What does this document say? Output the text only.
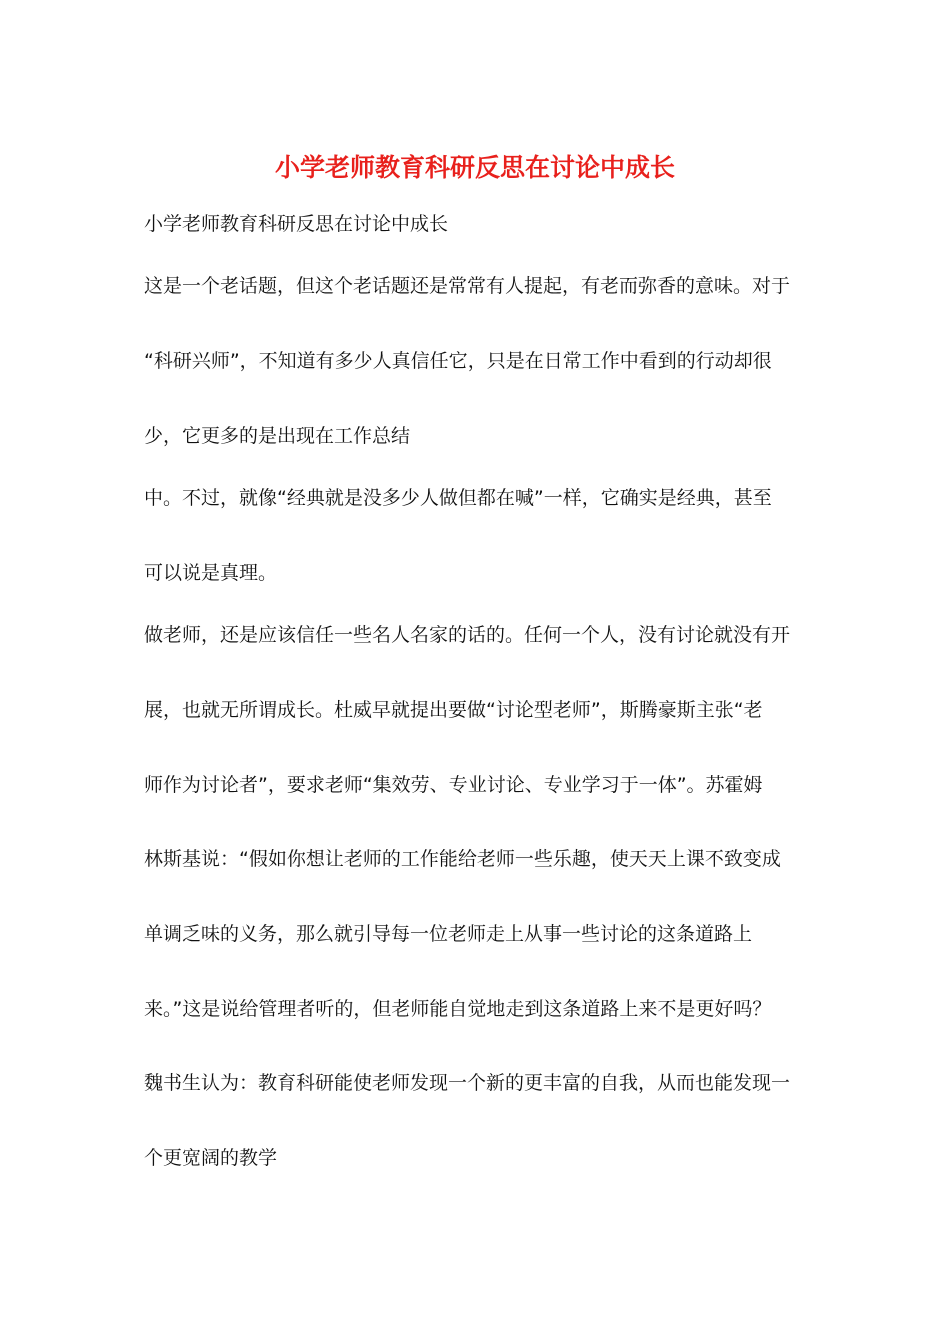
小学老师教育科研反思在讨论中成长
小学老师教育科研反思在讨论中成长
这是一个老话题，但这个老话题还是常常有人提起，有老而弥香的意味。对于
“科研兴师”，不知道有多少人真信任它，只是在日常工作中看到的行动却很
少，它更多的是出现在工作总结
中。不过，就像“经典就是没多少人做但都在喊”一样，它确实是经典，甚至
可以说是真理。
做老师，还是应该信任一些名人名家的话的。任何一个人，没有讨论就没有开
展，也就无所谓成长。杜威早就提出要做“讨论型老师”，斯腾豪斯主张“老
师作为讨论者”，要求老师“集效劳、专业讨论、专业学习于一体”。苏霍姆
林斯基说：“假如你想让老师的工作能给老师一些乐趣，使天天上课不致变成
单调乏味的义务，那么就引导每一位老师走上从事一些讨论的这条道路上
来。”这是说给管理者听的，但老师能自觉地走到这条道路上来不是更好吗？
魏书生认为：教育科研能使老师发现一个新的更丰富的自我，从而也能发现一
个更宽阔的教学
